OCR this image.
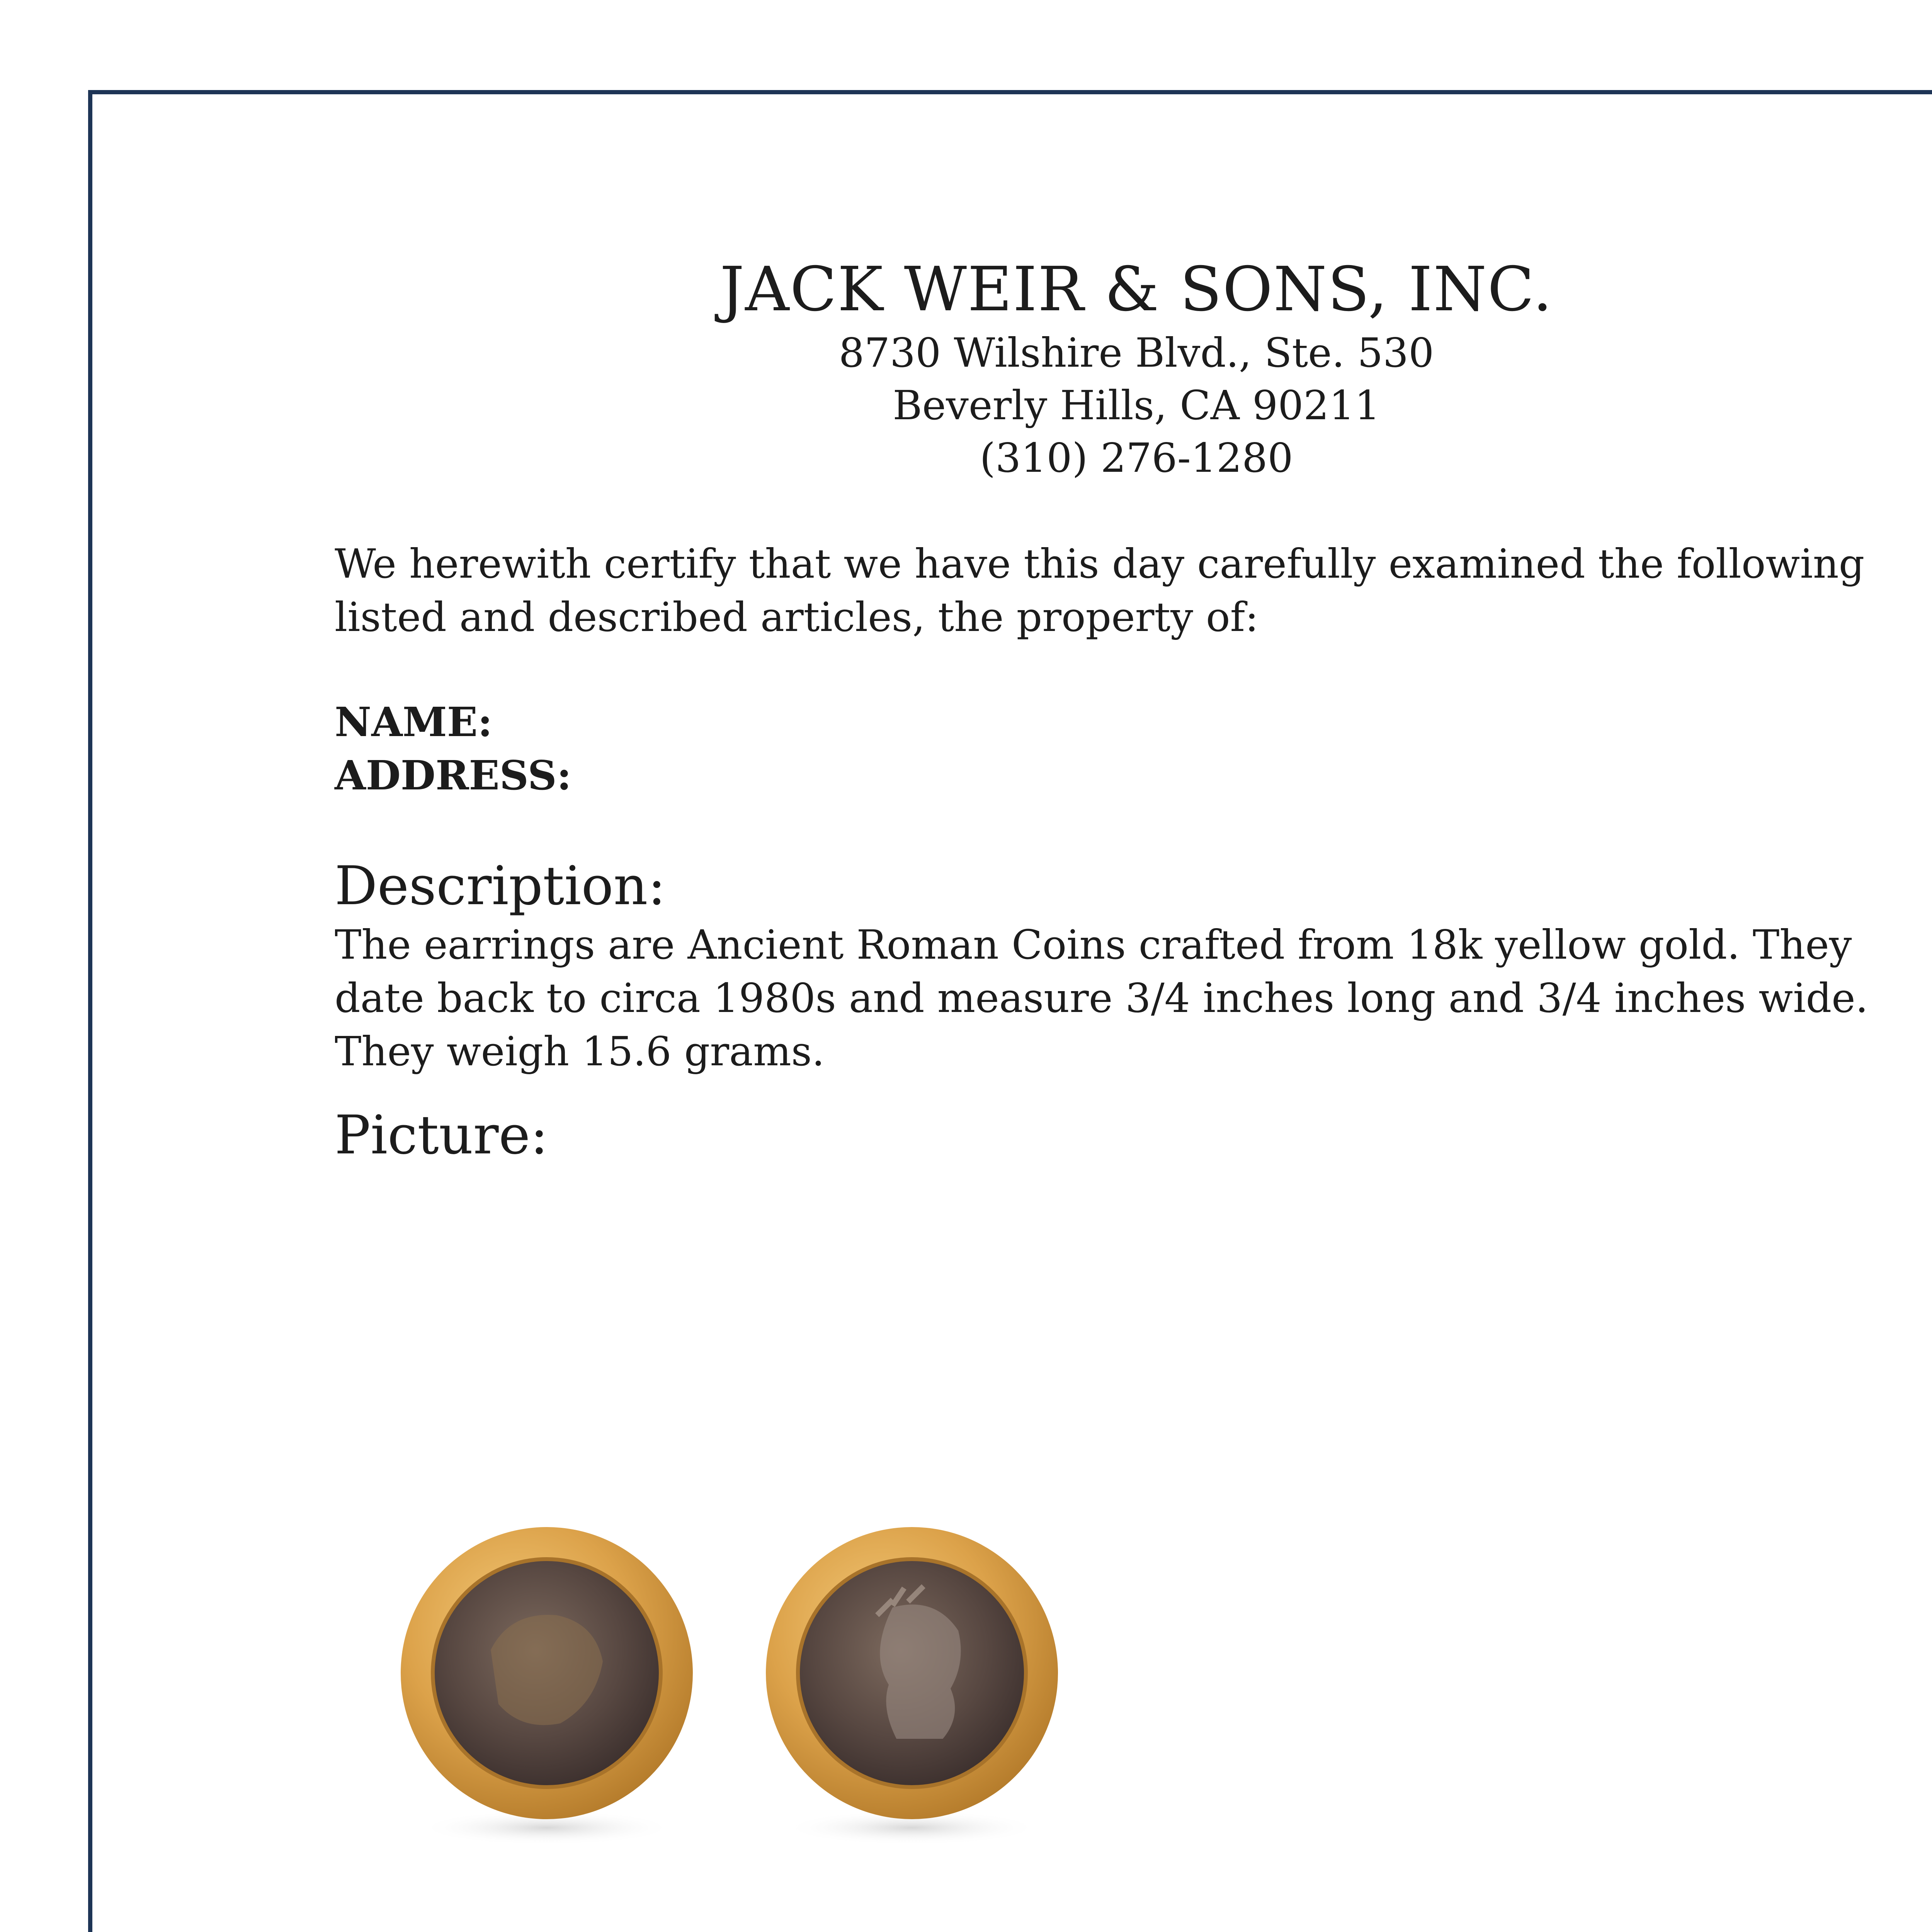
JACK WEIR & SONS, INC.
8730 Wilshire Blvd., Ste. 530
Beverly Hills, CA 90211
(310) 276-1280
We herewith certify that we have this day carefully examined the following listed and described articles, the property of:
NAME:
ADDRESS:
Description:
The earrings are Ancient Roman Coins crafted from 18k yellow gold. They date back to circa 1980s and measure 3/4 inches long and 3/4 inches wide. They weigh 15.6 grams.
Picture:
